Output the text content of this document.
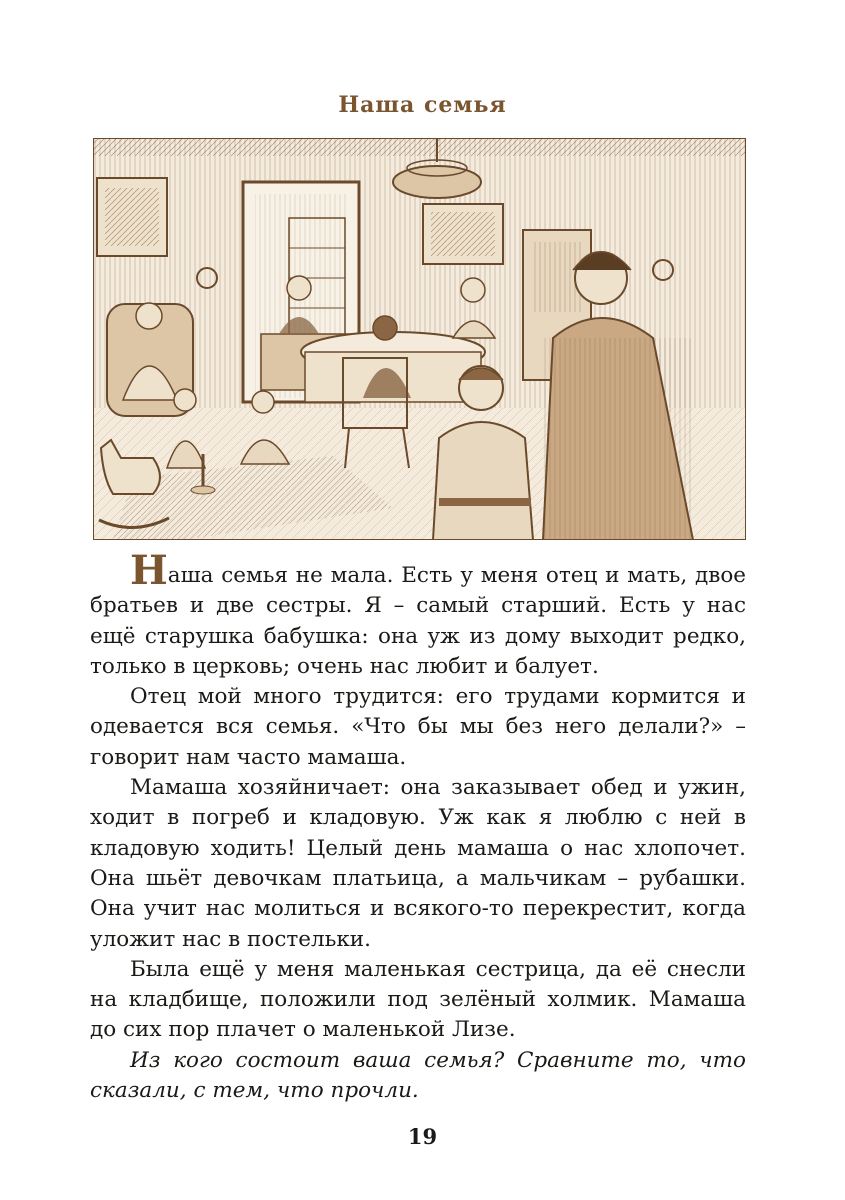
Наша семья

Наша семья не мала. Есть у меня отец и мать, двое братьев и две сестры. Я – самый старший. Есть у нас ещё старушка бабушка: она уж из дому выходит редко, только в церковь; очень нас любит и балует.

Отец мой много трудится: его трудами кормится и одевается вся семья. «Что бы мы без него делали?» – говорит нам часто мамаша.

Мамаша хозяйничает: она заказывает обед и ужин, ходит в погреб и кладовую. Уж как я люблю с ней в кладовую ходить! Целый день мамаша о нас хлопочет. Она шьёт девочкам платьица, а мальчикам – рубашки. Она учит нас молиться и всякого-то перекрестит, когда уложит нас в постельки.

Была ещё у меня маленькая сестрица, да её снесли на кладбище, положили под зелёный холмик. Мамаша до сих пор плачет о маленькой Лизе.

Из кого состоит ваша семья? Сравните то, что сказали, с тем, что прочли.

19
